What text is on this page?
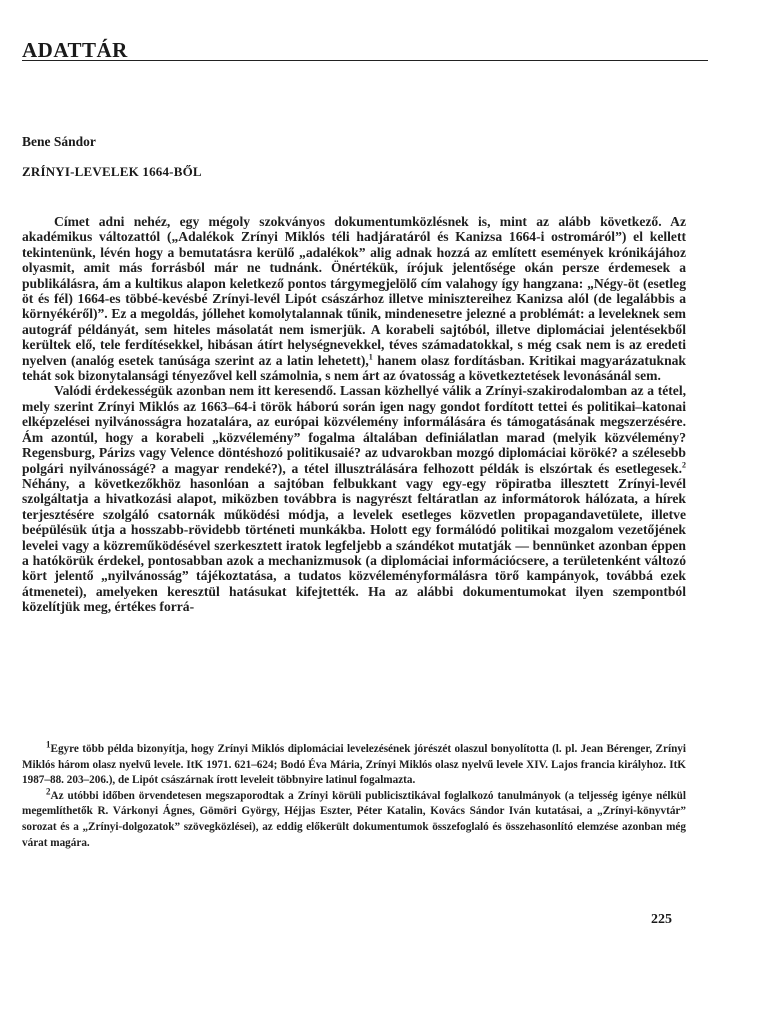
ADATTÁR
Bene Sándor
ZRÍNYI-LEVELEK 1664-BŐL

Címet adni nehéz, egy mégoly szokványos dokumentumközlésnek is, mint az alább következő. Az akadémikus változattól („Adalékok Zrínyi Miklós téli hadjáratáról és Kanizsa 1664-i ostromáról”) el kellett tekintenünk, lévén hogy a bemutatásra kerülő „adalékok” alig adnak hozzá az említett események krónikájához olyasmit, amit más forrásból már ne tudnánk. Önértékük, írójuk jelentősége okán persze érdemesek a publikálásra, ám a kultikus alapon keletkező pontos tárgymegjelölő cím valahogy így hangzana: „Négy-öt (esetleg öt és fél) 1664-es többé-kevésbé Zrínyi-levél Lipót császárhoz illetve minisztereihez Kanizsa alól (de legalábbis a környékéről)”. Ez a megoldás, jóllehet komolytalannak tűnik, mindenesetre jelezné a problémát: a leveleknek sem autográf példányát, sem hiteles másolatát nem ismerjük. A korabeli sajtóból, illetve diplomáciai jelentésekből kerültek elő, tele ferdítésekkel, hibásan átírt helységnevekkel, téves számadatokkal, s még csak nem is az eredeti nyelven (analóg esetek tanúsága szerint az a latin lehetett),$^1$ hanem olasz fordításban. Kritikai magyarázatuknak tehát sok bizonytalansági tényezővel kell számolnia, s nem árt az óvatosság a következtetések levonásánál sem.

Valódi érdekességük azonban nem itt keresendő. Lassan közhellyé válik a Zrínyi-szakirodalomban az a tétel, mely szerint Zrínyi Miklós az 1663–64-i török háború során igen nagy gondot fordított tettei és politikai–katonai elképzelései nyilvánosságra hozatalára, az európai közvélemény informálására és támogatásának megszerzésére. Ám azontúl, hogy a korabeli „közvélemény” fogalma általában definiálatlan marad (melyik közvélemény? Regensburg, Párizs vagy Velence döntéshozó politikusaié? az udvarokban mozgó diplomáciai köröké? a szélesebb polgári nyilvánosságé? a magyar rendeké?), a tétel illusztrálására felhozott példák is elszórtak és esetlegesek.$^2$ Néhány, a következőkhöz hasonlóan a sajtóban felbukkant vagy egy-egy röpiratba illesztett Zrínyi-levél szolgáltatja a hivatkozási alapot, miközben továbbra is nagyrészt feltáratlan az informátorok hálózata, a hírek terjesztésére szolgáló csatornák működési módja, a levelek esetleges közvetlen propagandavetülete, illetve beépülésük útja a hosszabb-rövidebb történeti munkákba. Holott egy formálódó politikai mozgalom vezetőjének levelei vagy a közreműködésével szerkesztett iratok legfeljebb a szándékot mutatják — bennünket azonban éppen a hatókörük érdekel, pontosabban azok a mechanizmusok (a diplomáciai információcsere, a területenként változó kört jelentő „nyilvánosság” tájékoztatása, a tudatos közvéleményformálásra törő kampányok, továbbá ezek átmenetei), amelyeken keresztül hatásukat kifejtették. Ha az alábbi dokumentumokat ilyen szempontból közelítjük meg, értékes forrá-

$^1$Egyre több példa bizonyítja, hogy Zrínyi Miklós diplomáciai levelezésének jórészét olaszul bonyolította (l. pl. Jean Bérenger, Zrínyi Miklós három olasz nyelvű levele. ItK 1971. 621–624; Bodó Éva Mária, Zrínyi Miklós olasz nyelvű levele XIV. Lajos francia királyhoz. ItK 1987–88. 203–206.), de Lipót császárnak írott leveleit többnyire latinul fogalmazta.

$^2$Az utóbbi időben örvendetesen megszaporodtak a Zrínyi körüli publicisztikával foglalkozó tanulmányok (a teljesség igénye nélkül megemlíthetők R. Várkonyi Ágnes, Gömöri György, Héjjas Eszter, Péter Katalin, Kovács Sándor Iván kutatásai, a „Zrínyi-könyvtár” sorozat és a „Zrínyi-dolgozatok” szövegközlései), az eddig előkerült dokumentumok összefoglaló és összehasonlító elemzése azonban még várat magára.

225
